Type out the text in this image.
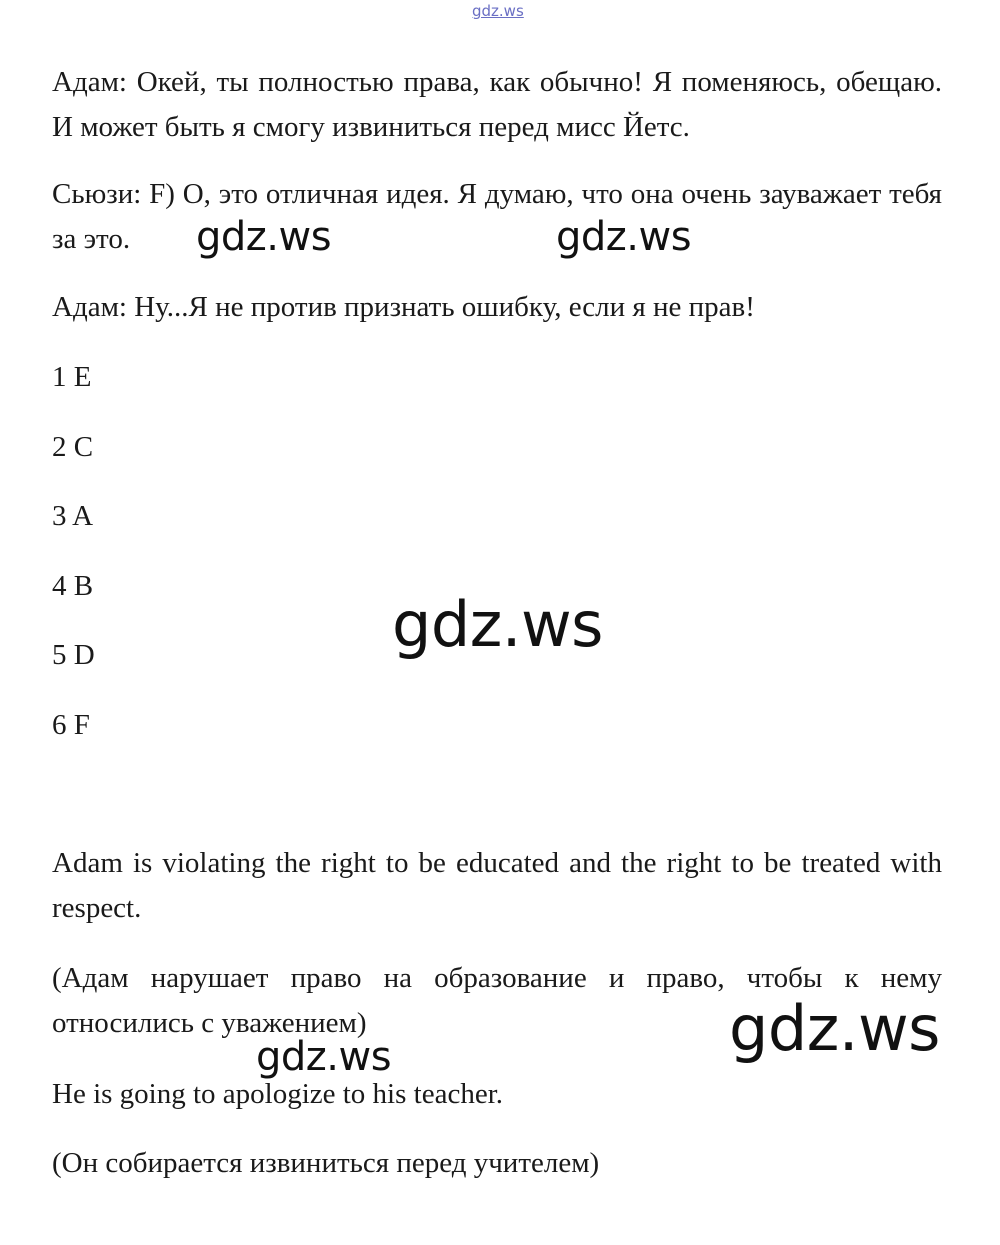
gdz.ws

Адам: Окей, ты полностью права, как обычно! Я поменяюсь, обещаю. И может быть я смогу извиниться перед мисс Йетс.

Сьюзи: F) О, это отличная идея. Я думаю, что она очень зауважает тебя за это.

Адам: Ну...Я не против признать ошибку, если я не прав!

1 E

2 C

3 A

4 B

5 D

6 F

Adam is violating the right to be educated and the right to be treated with respect.

(Адам нарушает право на образование и право, чтобы к нему относились с уважением)

He is going to apologize to his teacher.

(Он собирается извиниться перед учителем)

gdz.ws	gdz.ws
gdz.ws
gdz.ws
gdz.ws
